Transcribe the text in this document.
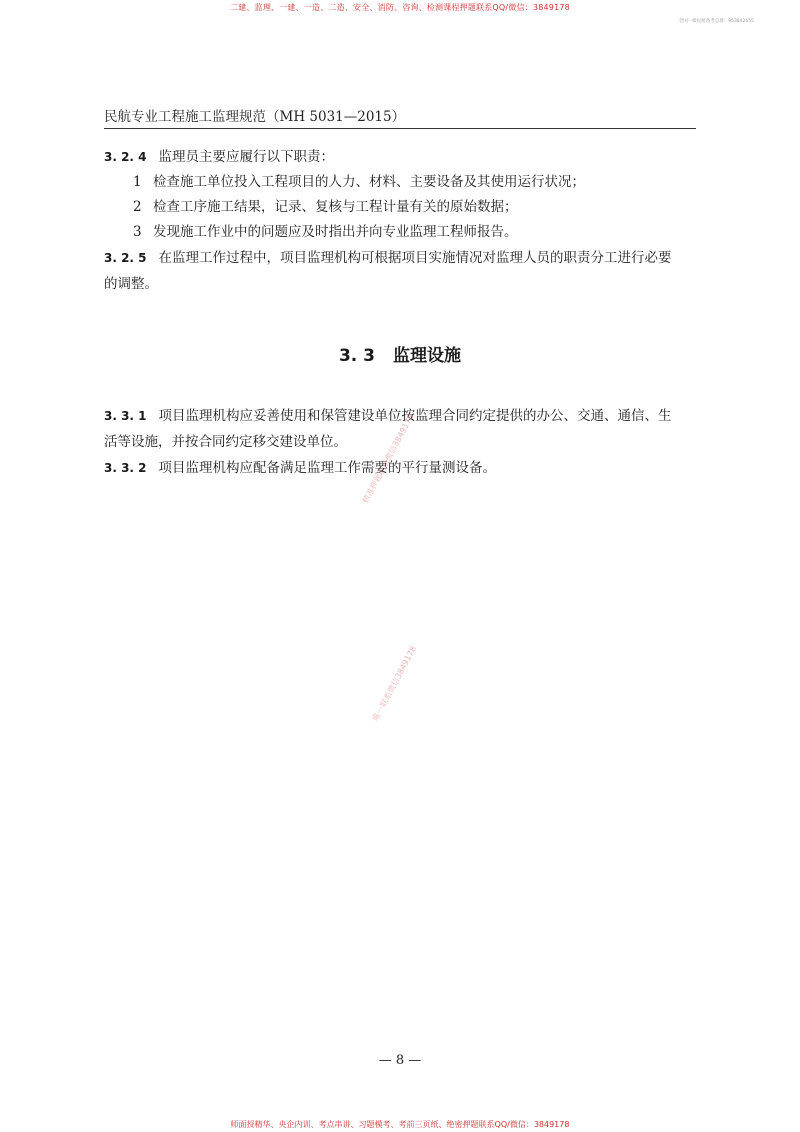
二建、监理、一建、一造、二造、安全、消防、咨询、检测课程押题联系QQ/微信：3849178
全国一级民航备考总群：953842655
民航专业工程施工监理规范（MH 5031—2015）
3. 2. 4 监理员主要应履行以下职责：
1 检查施工单位投入工程项目的人力、材料、主要设备及其使用运行状况；
2 检查工序施工结果，记录、复核与工程计量有关的原始数据；
3 发现施工作业中的问题应及时指出并向专业监理工程师报告。
3. 2. 5 在监理工作过程中，项目监理机构可根据项目实施情况对监理人员的职责分工进行必要
的调整。
3. 3 监理设施
3. 3. 1 项目监理机构应妥善使用和保管建设单位按监理合同约定提供的办公、交通、通信、生
活等设施，并按合同约定移交建设单位。
3. 3. 2 项目监理机构应配备满足监理工作需要的平行量测设备。
精准押题联系微信3849178
唯一联系微信3849178
— 8 —
师面授精华、央企内训、考点串讲、习题模考、考前三页纸、绝密押题联系QQ/微信：3849178
